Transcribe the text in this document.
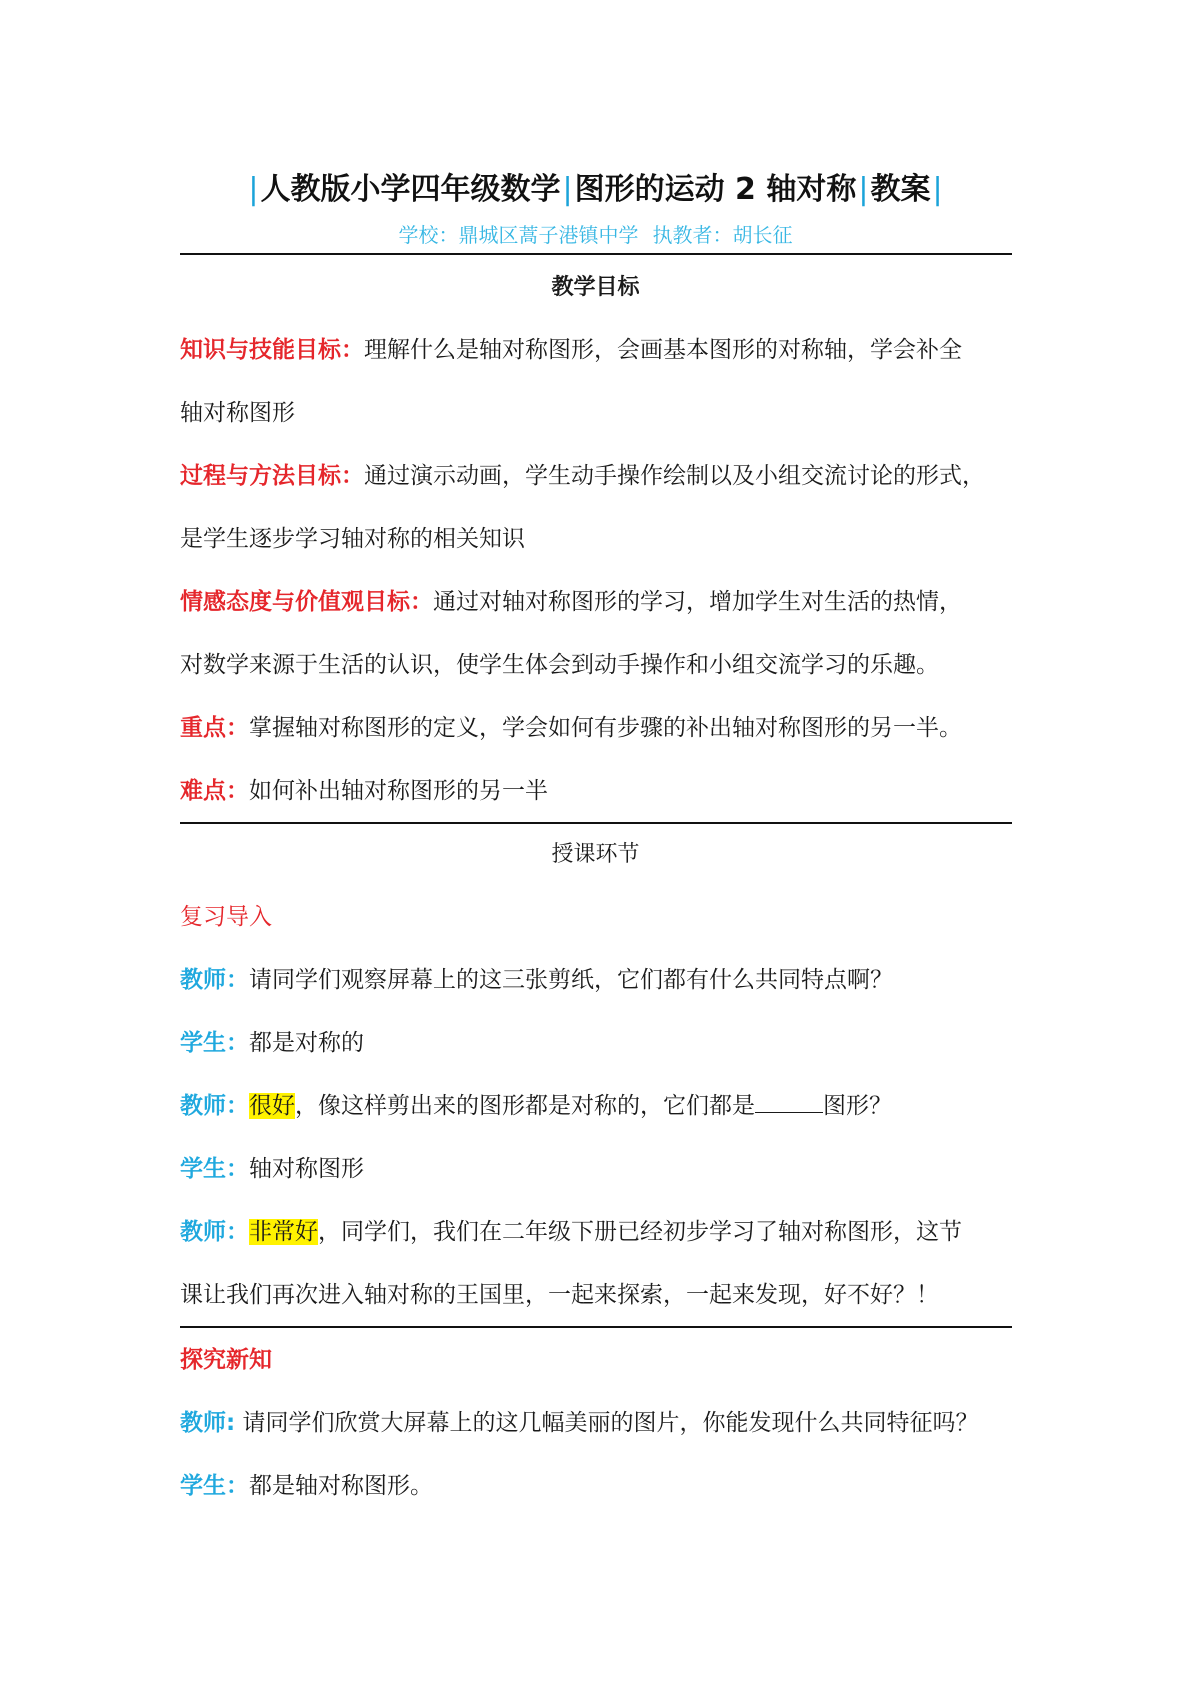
|人教版小学四年级数学|图形的运动 2 轴对称|教案|
学校：鼎城区蒿子港镇中学 执教者：胡长征
教学目标
知识与技能目标：理解什么是轴对称图形，会画基本图形的对称轴，学会补全
轴对称图形
过程与方法目标：通过演示动画，学生动手操作绘制以及小组交流讨论的形式，
是学生逐步学习轴对称的相关知识
情感态度与价值观目标：通过对轴对称图形的学习，增加学生对生活的热情，
对数学来源于生活的认识，使学生体会到动手操作和小组交流学习的乐趣。
重点：掌握轴对称图形的定义，学会如何有步骤的补出轴对称图形的另一半。
难点：如何补出轴对称图形的另一半
授课环节
复习导入
教师：请同学们观察屏幕上的这三张剪纸，它们都有什么共同特点啊？
学生：都是对称的
教师：很好，像这样剪出来的图形都是对称的，它们都是	图形？
学生：轴对称图形
教师：非常好，同学们，我们在二年级下册已经初步学习了轴对称图形，这节
课让我们再次进入轴对称的王国里，一起来探索，一起来发现，好不好？！
探究新知
教师: 请同学们欣赏大屏幕上的这几幅美丽的图片，你能发现什么共同特征吗？
学生：都是轴对称图形。
